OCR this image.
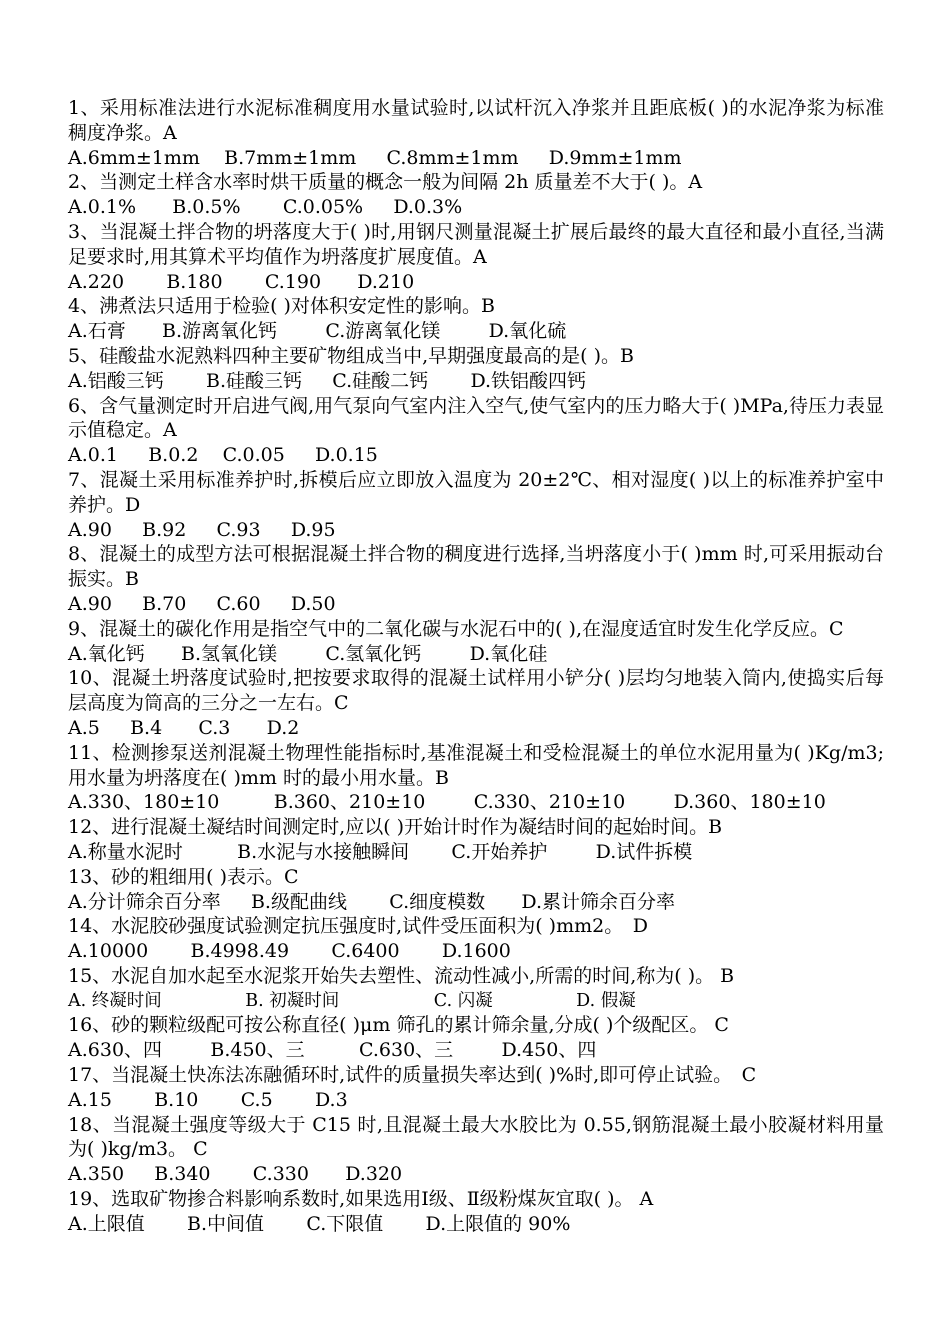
1、采用标准法进行水泥标准稠度用水量试验时,以试杆沉入净浆并且距底板( )的水泥净浆为标准稠度净浆。A

A.6mm±1mm B.7mm±1mm C.8mm±1mm D.9mm±1mm

2、当测定土样含水率时烘干质量的概念一般为间隔 2h 质量差不大于( )。A

A.0.1% B.0.5% C.0.05% D.0.3%

3、当混凝土拌合物的坍落度大于( )时,用钢尺测量混凝土扩展后最终的最大直径和最小直径,当满足要求时,用其算术平均值作为坍落度扩展度值。A

A.220 B.180 C.190 D.210

4、沸煮法只适用于检验( )对体积安定性的影响。B

A.石膏 B.游离氧化钙	C.游离氧化镁	D.氧化硫

5、硅酸盐水泥熟料四种主要矿物组成当中,早期强度最高的是( )。B

A.铝酸三钙 B.硅酸三钙 C.硅酸二钙 D.铁铝酸四钙

6、含气量测定时开启进气阀,用气泵向气室内注入空气,使气室内的压力略大于( )MPa,待压力表显示值稳定。A

A.0.1 B.0.2 C.0.05 D.0.15

7、混凝土采用标准养护时,拆模后应立即放入温度为 20±2℃、相对湿度( )以上的标准养护室中养护。D

A.90 B.92 C.93 D.95

8、混凝土的成型方法可根据混凝土拌合物的稠度进行选择,当坍落度小于( )mm 时,可采用振动台振实。B

A.90 B.70 C.60 D.50

9、混凝土的碳化作用是指空气中的二氧化碳与水泥石中的( ),在湿度适宜时发生化学反应。C

A.氧化钙 B.氢氧化镁	C.氢氧化钙	D.氧化硅

10、混凝土坍落度试验时,把按要求取得的混凝土试样用小铲分( )层均匀地装入筒内,使捣实后每层高度为筒高的三分之一左右。C

A.5 B.4 C.3 D.2

11、检测掺泵送剂混凝土物理性能指标时,基准混凝土和受检混凝土的单位水泥用量为( )Kg/m3;用水量为坍落度在( )mm 时的最小用水量。B

A.330、180±10	B.360、210±10	C.330、210±10	D.360、180±10

12、进行混凝土凝结时间测定时,应以( )开始计时作为凝结时间的起始时间。B

A.称量水泥时	B.水泥与水接触瞬间 C.开始养护	D.试件拆模

13、砂的粗细用( )表示。C

A.分计筛余百分率 B.级配曲线 C.细度模数 D.累计筛余百分率

14、水泥胶砂强度试验测定抗压强度时,试件受压面积为( )mm2。　D

A.10000 B.4998.49 C.6400 D.1600

15、水泥自加水起至水泥浆开始失去塑性、流动性减小,所需的时间,称为( )。 B

A. 终凝时间	B. 初凝时间	C. 闪凝	D. 假凝

16、砂的颗粒级配可按公称直径( )μm 筛孔的累计筛余量,分成( )个级配区。 C

A.630、四	B.450、三	C.630、三	D.450、四

17、当混凝土快冻法冻融循环时,试件的质量损失率达到( )%时,即可停止试验。　C

A.15 B.10 C.5 D.3

18、当混凝土强度等级大于 C15 时,且混凝土最大水胶比为 0.55,钢筋混凝土最小胶凝材料用量为( )kg/m3。 C

A.350 B.340 C.330 D.320

19、选取矿物掺合料影响系数时,如果选用Ⅰ级、Ⅱ级粉煤灰宜取( )。 A

A.上限值 B.中间值 C.下限值 D.上限值的 90%
